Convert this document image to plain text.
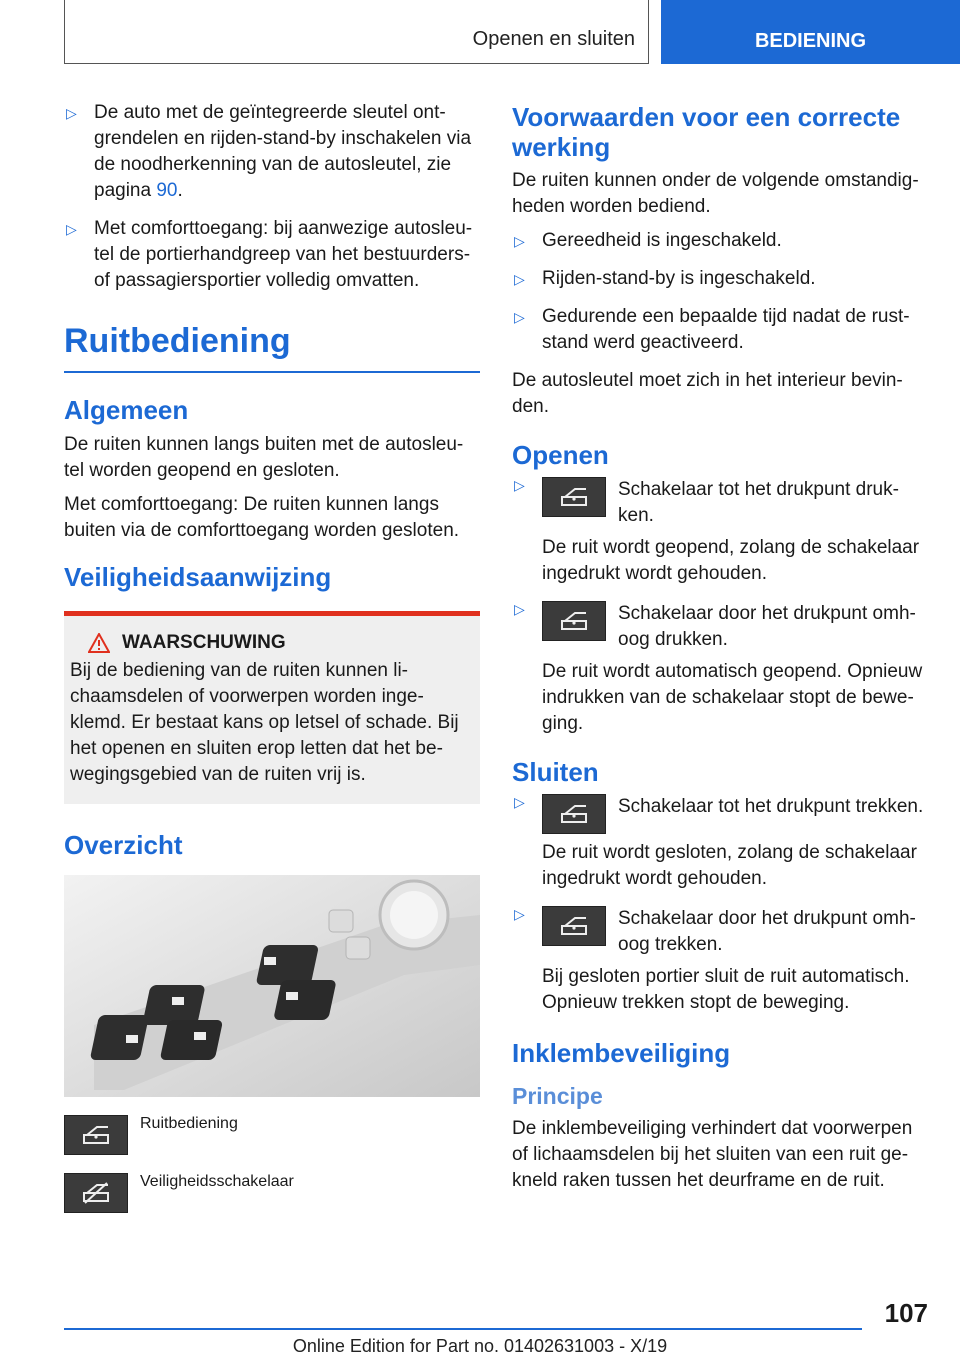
Openen en sluiten	BEDIENING
▷ De auto met de geïntegreerde sleutel ont-grendelen en rijden-stand-by inschakelen via de noodherkenning van de autosleutel, zie pagina 90.
▷ Met comforttoegang: bij aanwezige autosleu-tel de portierhandgreep van het bestuurders- of passagiersportier volledig omvatten.
Ruitbediening
Algemeen

De ruiten kunnen langs buiten met de autosleu-tel worden geopend en gesloten.

Met comforttoegang: De ruiten kunnen langs buiten via de comforttoegang worden gesloten.

Veiligheidsaanwijzing
WAARSCHUWING

Bij de bediening van de ruiten kunnen li-chaamsdelen of voorwerpen worden inge-klemd. Er bestaat kans op letsel of schade. Bij het openen en sluiten erop letten dat het be-wegingsgebied van de ruiten vrij is.

Overzicht
Ruitbediening
Veiligheidsschakelaar
Voorwaarden voor een correcte werking

De ruiten kunnen onder de volgende omstandig-heden worden bediend.

▷ Gereedheid is ingeschakeld.
▷ Rijden-stand-by is ingeschakeld.
▷ Gedurende een bepaalde tijd nadat de rust-stand werd geactiveerd.

De autosleutel moet zich in het interieur bevin-den.

Openen
▷	Schakelaar tot het drukpunt druk-ken.

De ruit wordt geopend, zolang de schakelaar ingedrukt wordt gehouden.

▷	Schakelaar door het drukpunt omh-oog drukken.

De ruit wordt automatisch geopend. Opnieuw indrukken van de schakelaar stopt de bewe-ging.

Sluiten
▷	Schakelaar tot het drukpunt trekken.

De ruit wordt gesloten, zolang de schakelaar ingedrukt wordt gehouden.

▷	Schakelaar door het drukpunt omh-oog trekken.

Bij gesloten portier sluit de ruit automatisch. Opnieuw trekken stopt de beweging.

Inklembeveiliging
Principe

De inklembeveiliging verhindert dat voorwerpen of lichaamsdelen bij het sluiten van een ruit ge-kneld raken tussen het deurframe en de ruit.

107
Online Edition for Part no. 01402631003 - X/19
